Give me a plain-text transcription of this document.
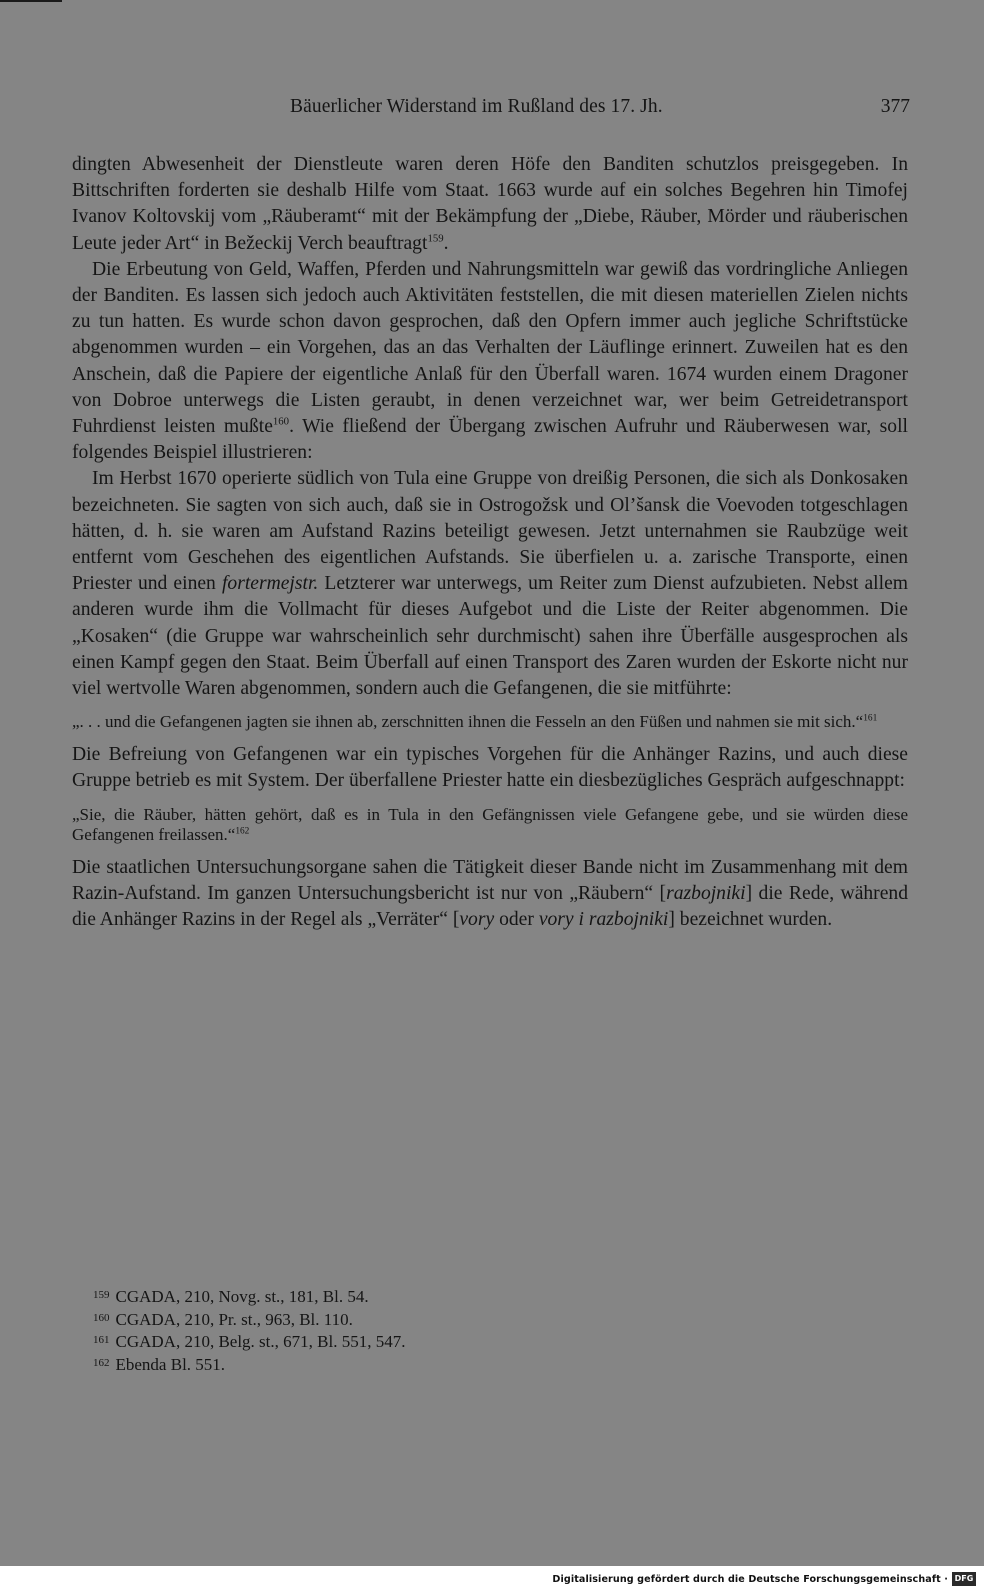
Bäuerlicher Widerstand im Rußland des 17. Jh.	377

dingten Abwesenheit der Dienstleute waren deren Höfe den Banditen schutzlos preisgegeben. In Bittschriften forderten sie deshalb Hilfe vom Staat. 1663 wurde auf ein solches Begehren hin Timofej Ivanov Koltovskij vom „Räuberamt“ mit der Bekämpfung der „Diebe, Räuber, Mörder und räuberischen Leute jeder Art“ in Bežeckij Verch beauftragt$^{159}$.

Die Erbeutung von Geld, Waffen, Pferden und Nahrungsmitteln war gewiß das vordringliche Anliegen der Banditen. Es lassen sich jedoch auch Aktivitäten feststellen, die mit diesen materiellen Zielen nichts zu tun hatten. Es wurde schon davon gesprochen, daß den Opfern immer auch jegliche Schriftstücke abgenommen wurden – ein Vorgehen, das an das Verhalten der Läuflinge erinnert. Zuweilen hat es den Anschein, daß die Papiere der eigentliche Anlaß für den Überfall waren. 1674 wurden einem Dragoner von Dobroe unterwegs die Listen geraubt, in denen verzeichnet war, wer beim Getreidetransport Fuhrdienst leisten mußte$^{160}$. Wie fließend der Übergang zwischen Aufruhr und Räuberwesen war, soll folgendes Beispiel illustrieren:

Im Herbst 1670 operierte südlich von Tula eine Gruppe von dreißig Personen, die sich als Donkosaken bezeichneten. Sie sagten von sich auch, daß sie in Ostrogožsk und Ol’šansk die Voevoden totgeschlagen hätten, d. h. sie waren am Aufstand Razins beteiligt gewesen. Jetzt unternahmen sie Raubzüge weit entfernt vom Geschehen des eigentlichen Aufstands. Sie überfielen u. a. zarische Transporte, einen Priester und einen fortermejstr. Letzterer war unterwegs, um Reiter zum Dienst aufzubieten. Nebst allem anderen wurde ihm die Vollmacht für dieses Aufgebot und die Liste der Reiter abgenommen. Die „Kosaken“ (die Gruppe war wahrscheinlich sehr durchmischt) sahen ihre Überfälle ausgesprochen als einen Kampf gegen den Staat. Beim Überfall auf einen Transport des Zaren wurden der Eskorte nicht nur viel wertvolle Waren abgenommen, sondern auch die Gefangenen, die sie mitführte:

„. . . und die Gefangenen jagten sie ihnen ab, zerschnitten ihnen die Fesseln an den Füßen und nahmen sie mit sich.“$^{161}$

Die Befreiung von Gefangenen war ein typisches Vorgehen für die Anhänger Razins, und auch diese Gruppe betrieb es mit System. Der überfallene Priester hatte ein diesbezügliches Gespräch aufgeschnappt:

„Sie, die Räuber, hätten gehört, daß es in Tula in den Gefängnissen viele Gefangene gebe, und sie würden diese Gefangenen freilassen.“$^{162}$

Die staatlichen Untersuchungsorgane sahen die Tätigkeit dieser Bande nicht im Zusammenhang mit dem Razin-Aufstand. Im ganzen Untersuchungsbericht ist nur von „Räubern“ [razbojniki] die Rede, während die Anhänger Razins in der Regel als „Verräter“ [vory oder vory i razbojniki] bezeichnet wurden.

$^{159}$ CGADA, 210, Novg. st., 181, Bl. 54.
$^{160}$ CGADA, 210, Pr. st., 963, Bl. 110.
$^{161}$ CGADA, 210, Belg. st., 671, Bl. 551, 547.
$^{162}$ Ebenda Bl. 551.
Digitalisierung gefördert durch die Deutsche Forschungsgemeinschaft · DFG
